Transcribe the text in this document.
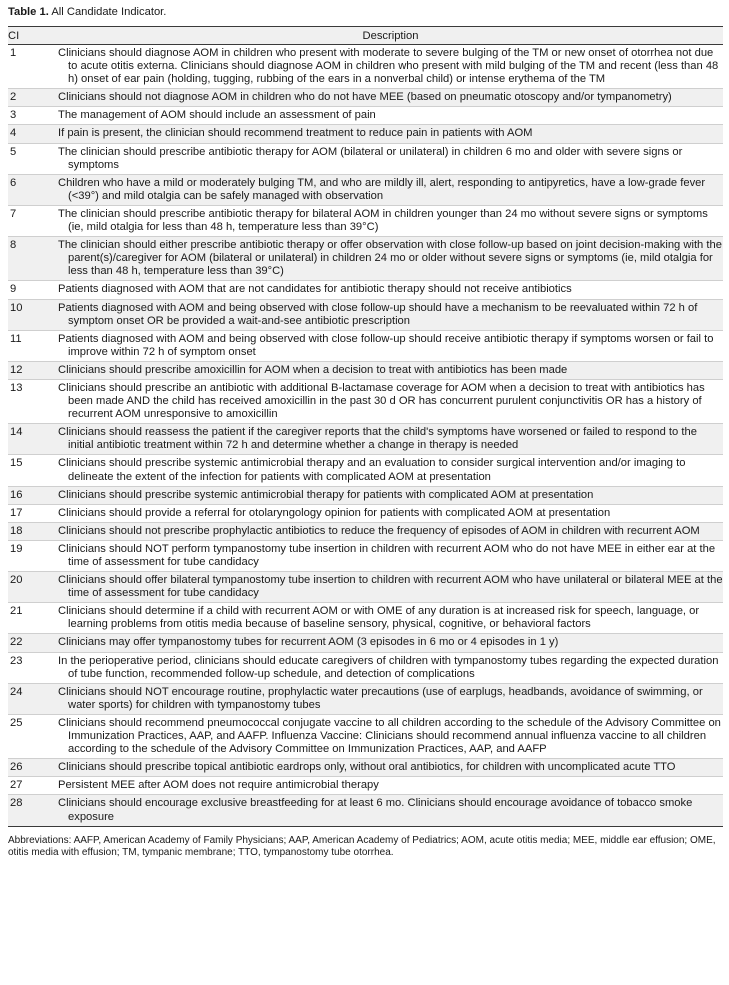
Table 1. All Candidate Indicator.
CI	Description
1	Clinicians should diagnose AOM in children who present with moderate to severe bulging of the TM or new onset of otorrhea not due to acute otitis externa. Clinicians should diagnose AOM in children who present with mild bulging of the TM and recent (less than 48 h) onset of ear pain (holding, tugging, rubbing of the ears in a nonverbal child) or intense erythema of the TM

2	Clinicians should not diagnose AOM in children who do not have MEE (based on pneumatic otoscopy and/or tympanometry)

3	The management of AOM should include an assessment of pain

4	If pain is present, the clinician should recommend treatment to reduce pain in patients with AOM

5	The clinician should prescribe antibiotic therapy for AOM (bilateral or unilateral) in children 6 mo and older with severe signs or symptoms

6	Children who have a mild or moderately bulging TM, and who are mildly ill, alert, responding to antipyretics, have a low-grade fever (<39°) and mild otalgia can be safely managed with observation

7	The clinician should prescribe antibiotic therapy for bilateral AOM in children younger than 24 mo without severe signs or symptoms (ie, mild otalgia for less than 48 h, temperature less than 39°C)

8	The clinician should either prescribe antibiotic therapy or offer observation with close follow-up based on joint decision-making with the parent(s)/caregiver for AOM (bilateral or unilateral) in children 24 mo or older without severe signs or symptoms (ie, mild otalgia for less than 48 h, temperature less than 39°C)

9	Patients diagnosed with AOM that are not candidates for antibiotic therapy should not receive antibiotics

10	Patients diagnosed with AOM and being observed with close follow-up should have a mechanism to be reevaluated within 72 h of symptom onset OR be provided a wait-and-see antibiotic prescription

11	Patients diagnosed with AOM and being observed with close follow-up should receive antibiotic therapy if symptoms worsen or fail to improve within 72 h of symptom onset

12	Clinicians should prescribe amoxicillin for AOM when a decision to treat with antibiotics has been made

13	Clinicians should prescribe an antibiotic with additional B-lactamase coverage for AOM when a decision to treat with antibiotics has been made AND the child has received amoxicillin in the past 30 d OR has concurrent purulent conjunctivitis OR has a history of recurrent AOM unresponsive to amoxicillin

14	Clinicians should reassess the patient if the caregiver reports that the child's symptoms have worsened or failed to respond to the initial antibiotic treatment within 72 h and determine whether a change in therapy is needed

15	Clinicians should prescribe systemic antimicrobial therapy and an evaluation to consider surgical intervention and/or imaging to delineate the extent of the infection for patients with complicated AOM at presentation

16	Clinicians should prescribe systemic antimicrobial therapy for patients with complicated AOM at presentation

17	Clinicians should provide a referral for otolaryngology opinion for patients with complicated AOM at presentation

18	Clinicians should not prescribe prophylactic antibiotics to reduce the frequency of episodes of AOM in children with recurrent AOM

19	Clinicians should NOT perform tympanostomy tube insertion in children with recurrent AOM who do not have MEE in either ear at the time of assessment for tube candidacy

20	Clinicians should offer bilateral tympanostomy tube insertion to children with recurrent AOM who have unilateral or bilateral MEE at the time of assessment for tube candidacy

21	Clinicians should determine if a child with recurrent AOM or with OME of any duration is at increased risk for speech, language, or learning problems from otitis media because of baseline sensory, physical, cognitive, or behavioral factors

22	Clinicians may offer tympanostomy tubes for recurrent AOM (3 episodes in 6 mo or 4 episodes in 1 y)

23	In the perioperative period, clinicians should educate caregivers of children with tympanostomy tubes regarding the expected duration of tube function, recommended follow-up schedule, and detection of complications

24	Clinicians should NOT encourage routine, prophylactic water precautions (use of earplugs, headbands, avoidance of swimming, or water sports) for children with tympanostomy tubes

25	Clinicians should recommend pneumococcal conjugate vaccine to all children according to the schedule of the Advisory Committee on Immunization Practices, AAP, and AAFP. Influenza Vaccine: Clinicians should recommend annual influenza vaccine to all children according to the schedule of the Advisory Committee on Immunization Practices, AAP, and AAFP

26	Clinicians should prescribe topical antibiotic eardrops only, without oral antibiotics, for children with uncomplicated acute TTO

27	Persistent MEE after AOM does not require antimicrobial therapy

28	Clinicians should encourage exclusive breastfeeding for at least 6 mo. Clinicians should encourage avoidance of tobacco smoke exposure
Abbreviations: AAFP, American Academy of Family Physicians; AAP, American Academy of Pediatrics; AOM, acute otitis media; MEE, middle ear effusion; OME, otitis media with effusion; TM, tympanic membrane; TTO, tympanostomy tube otorrhea.
